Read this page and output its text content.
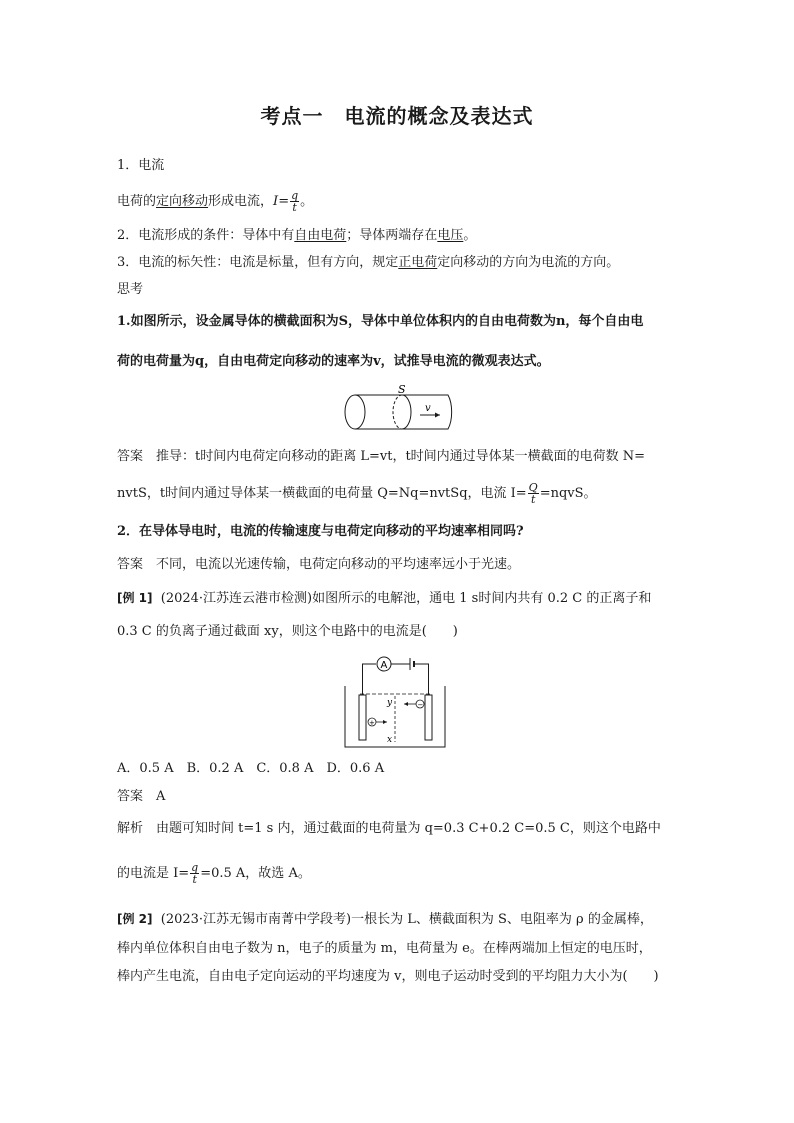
考点一　电流的概念及表达式
1．电流
电荷的定向移动形成电流，$I= \frac{q}{t}$ 。
2．电流形成的条件：导体中有自由电荷；导体两端存在电压。
3．电流的标矢性：电流是标量，但有方向，规定正电荷定向移动的方向为电流的方向。
思考
1.如图所示，设金属导体的横截面积为S，导体中单位体积内的自由电荷数为n，每个自由电
荷的电荷量为q，自由电荷定向移动的速率为v，试推导电流的微观表达式。
S
v
答案　推导：t时间内电荷定向移动的距离 L=vt，t时间内通过导体某一横截面的电荷数 N=
nvtS，t时间内通过导体某一横截面的电荷量 Q=Nq=nvtSq，电流 $I= \frac{Q}{t}$ =nqvS。
2．在导体导电时，电流的传输速度与电荷定向移动的平均速率相同吗?
答案　不同，电流以光速传输，电荷定向移动的平均速率远小于光速。
[例 1] (2024·江苏连云港市检测)如图所示的电解池，通电 1 s时间内共有 0.2 C 的正离子和
0.3 C 的负离子通过截面 xy，则这个电路中的电流是(　　)
A
y
x
+
−
A．0.5 A　B．0.2 A　C．0.8 A　D．0.6 A
答案　A
解析　由题可知时间 t=1 s 内，通过截面的电荷量为 q=0.3 C+0.2 C=0.5 C，则这个电路中
的电流是 $I= \frac{q}{t} =0.5$ A，故选 A。
[例 2] (2023·江苏无锡市南菁中学段考)一根长为 L、横截面积为 S、电阻率为 ρ 的金属棒，
棒内单位体积自由电子数为 n，电子的质量为 m，电荷量为 e。在棒两端加上恒定的电压时，
棒内产生电流，自由电子定向运动的平均速度为 v，则电子运动时受到的平均阻力大小为(　　)
